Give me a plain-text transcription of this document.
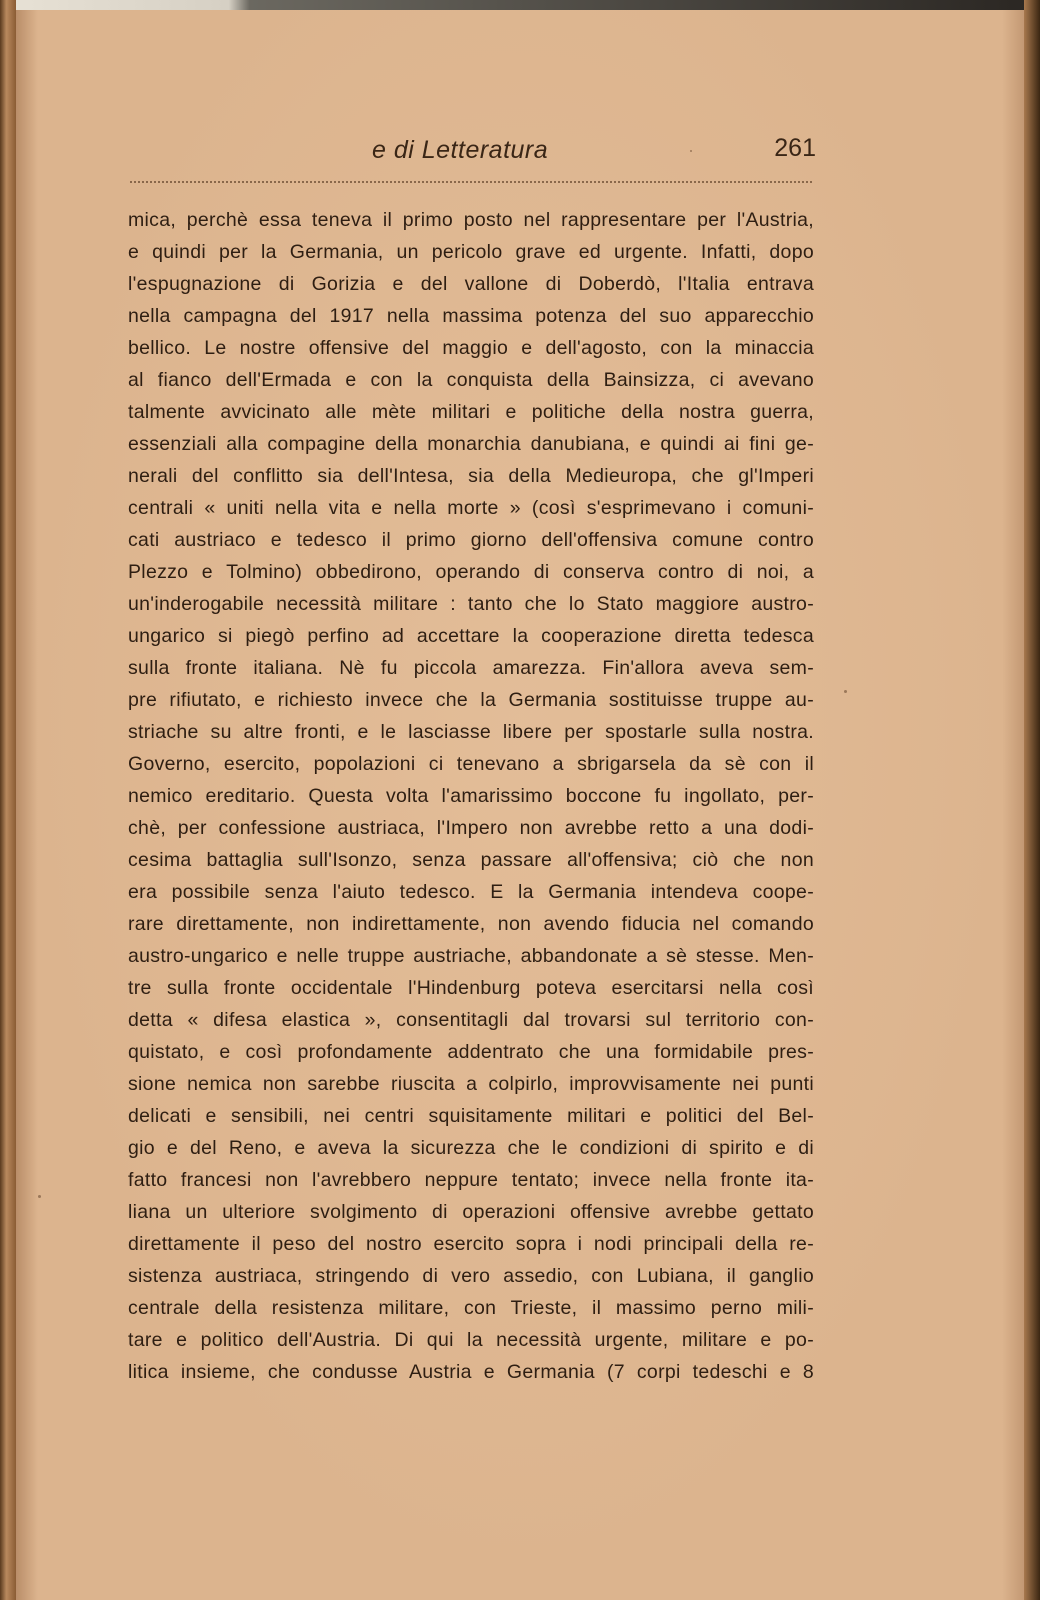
e di Letteratura	261
mica, perchè essa teneva il primo posto nel rappresentare per l'Austria,
e quindi per la Germania, un pericolo grave ed urgente. Infatti, dopo
l'espugnazione di Gorizia e del vallone di Doberdò, l'Italia entrava
nella campagna del 1917 nella massima potenza del suo apparecchio
bellico. Le nostre offensive del maggio e dell'agosto, con la minaccia
al fianco dell'Ermada e con la conquista della Bainsizza, ci avevano
talmente avvicinato alle mète militari e politiche della nostra guerra,
essenziali alla compagine della monarchia danubiana, e quindi ai fini ge-
nerali del conflitto sia dell'Intesa, sia della Medieuropa, che gl'Imperi
centrali « uniti nella vita e nella morte » (così s'esprimevano i comuni-
cati austriaco e tedesco il primo giorno dell'offensiva comune contro
Plezzo e Tolmino) obbedirono, operando di conserva contro di noi, a
un'inderogabile necessità militare : tanto che lo Stato maggiore austro-
ungarico si piegò perfino ad accettare la cooperazione diretta tedesca
sulla fronte italiana. Nè fu piccola amarezza. Fin'allora aveva sem-
pre rifiutato, e richiesto invece che la Germania sostituisse truppe au-
striache su altre fronti, e le lasciasse libere per spostarle sulla nostra.
Governo, esercito, popolazioni ci tenevano a sbrigarsela da sè con il
nemico ereditario. Questa volta l'amarissimo boccone fu ingollato, per-
chè, per confessione austriaca, l'Impero non avrebbe retto a una dodi-
cesima battaglia sull'Isonzo, senza passare all'offensiva; ciò che non
era possibile senza l'aiuto tedesco. E la Germania intendeva coope-
rare direttamente, non indirettamente, non avendo fiducia nel comando
austro-ungarico e nelle truppe austriache, abbandonate a sè stesse. Men-
tre sulla fronte occidentale l'Hindenburg poteva esercitarsi nella così
detta « difesa elastica », consentitagli dal trovarsi sul territorio con-
quistato, e così profondamente addentrato che una formidabile pres-
sione nemica non sarebbe riuscita a colpirlo, improvvisamente nei punti
delicati e sensibili, nei centri squisitamente militari e politici del Bel-
gio e del Reno, e aveva la sicurezza che le condizioni di spirito e di
fatto francesi non l'avrebbero neppure tentato; invece nella fronte ita-
liana un ulteriore svolgimento di operazioni offensive avrebbe gettato
direttamente il peso del nostro esercito sopra i nodi principali della re-
sistenza austriaca, stringendo di vero assedio, con Lubiana, il ganglio
centrale della resistenza militare, con Trieste, il massimo perno mili-
tare e politico dell'Austria. Di qui la necessità urgente, militare e po-
litica insieme, che condusse Austria e Germania (7 corpi tedeschi e 8
